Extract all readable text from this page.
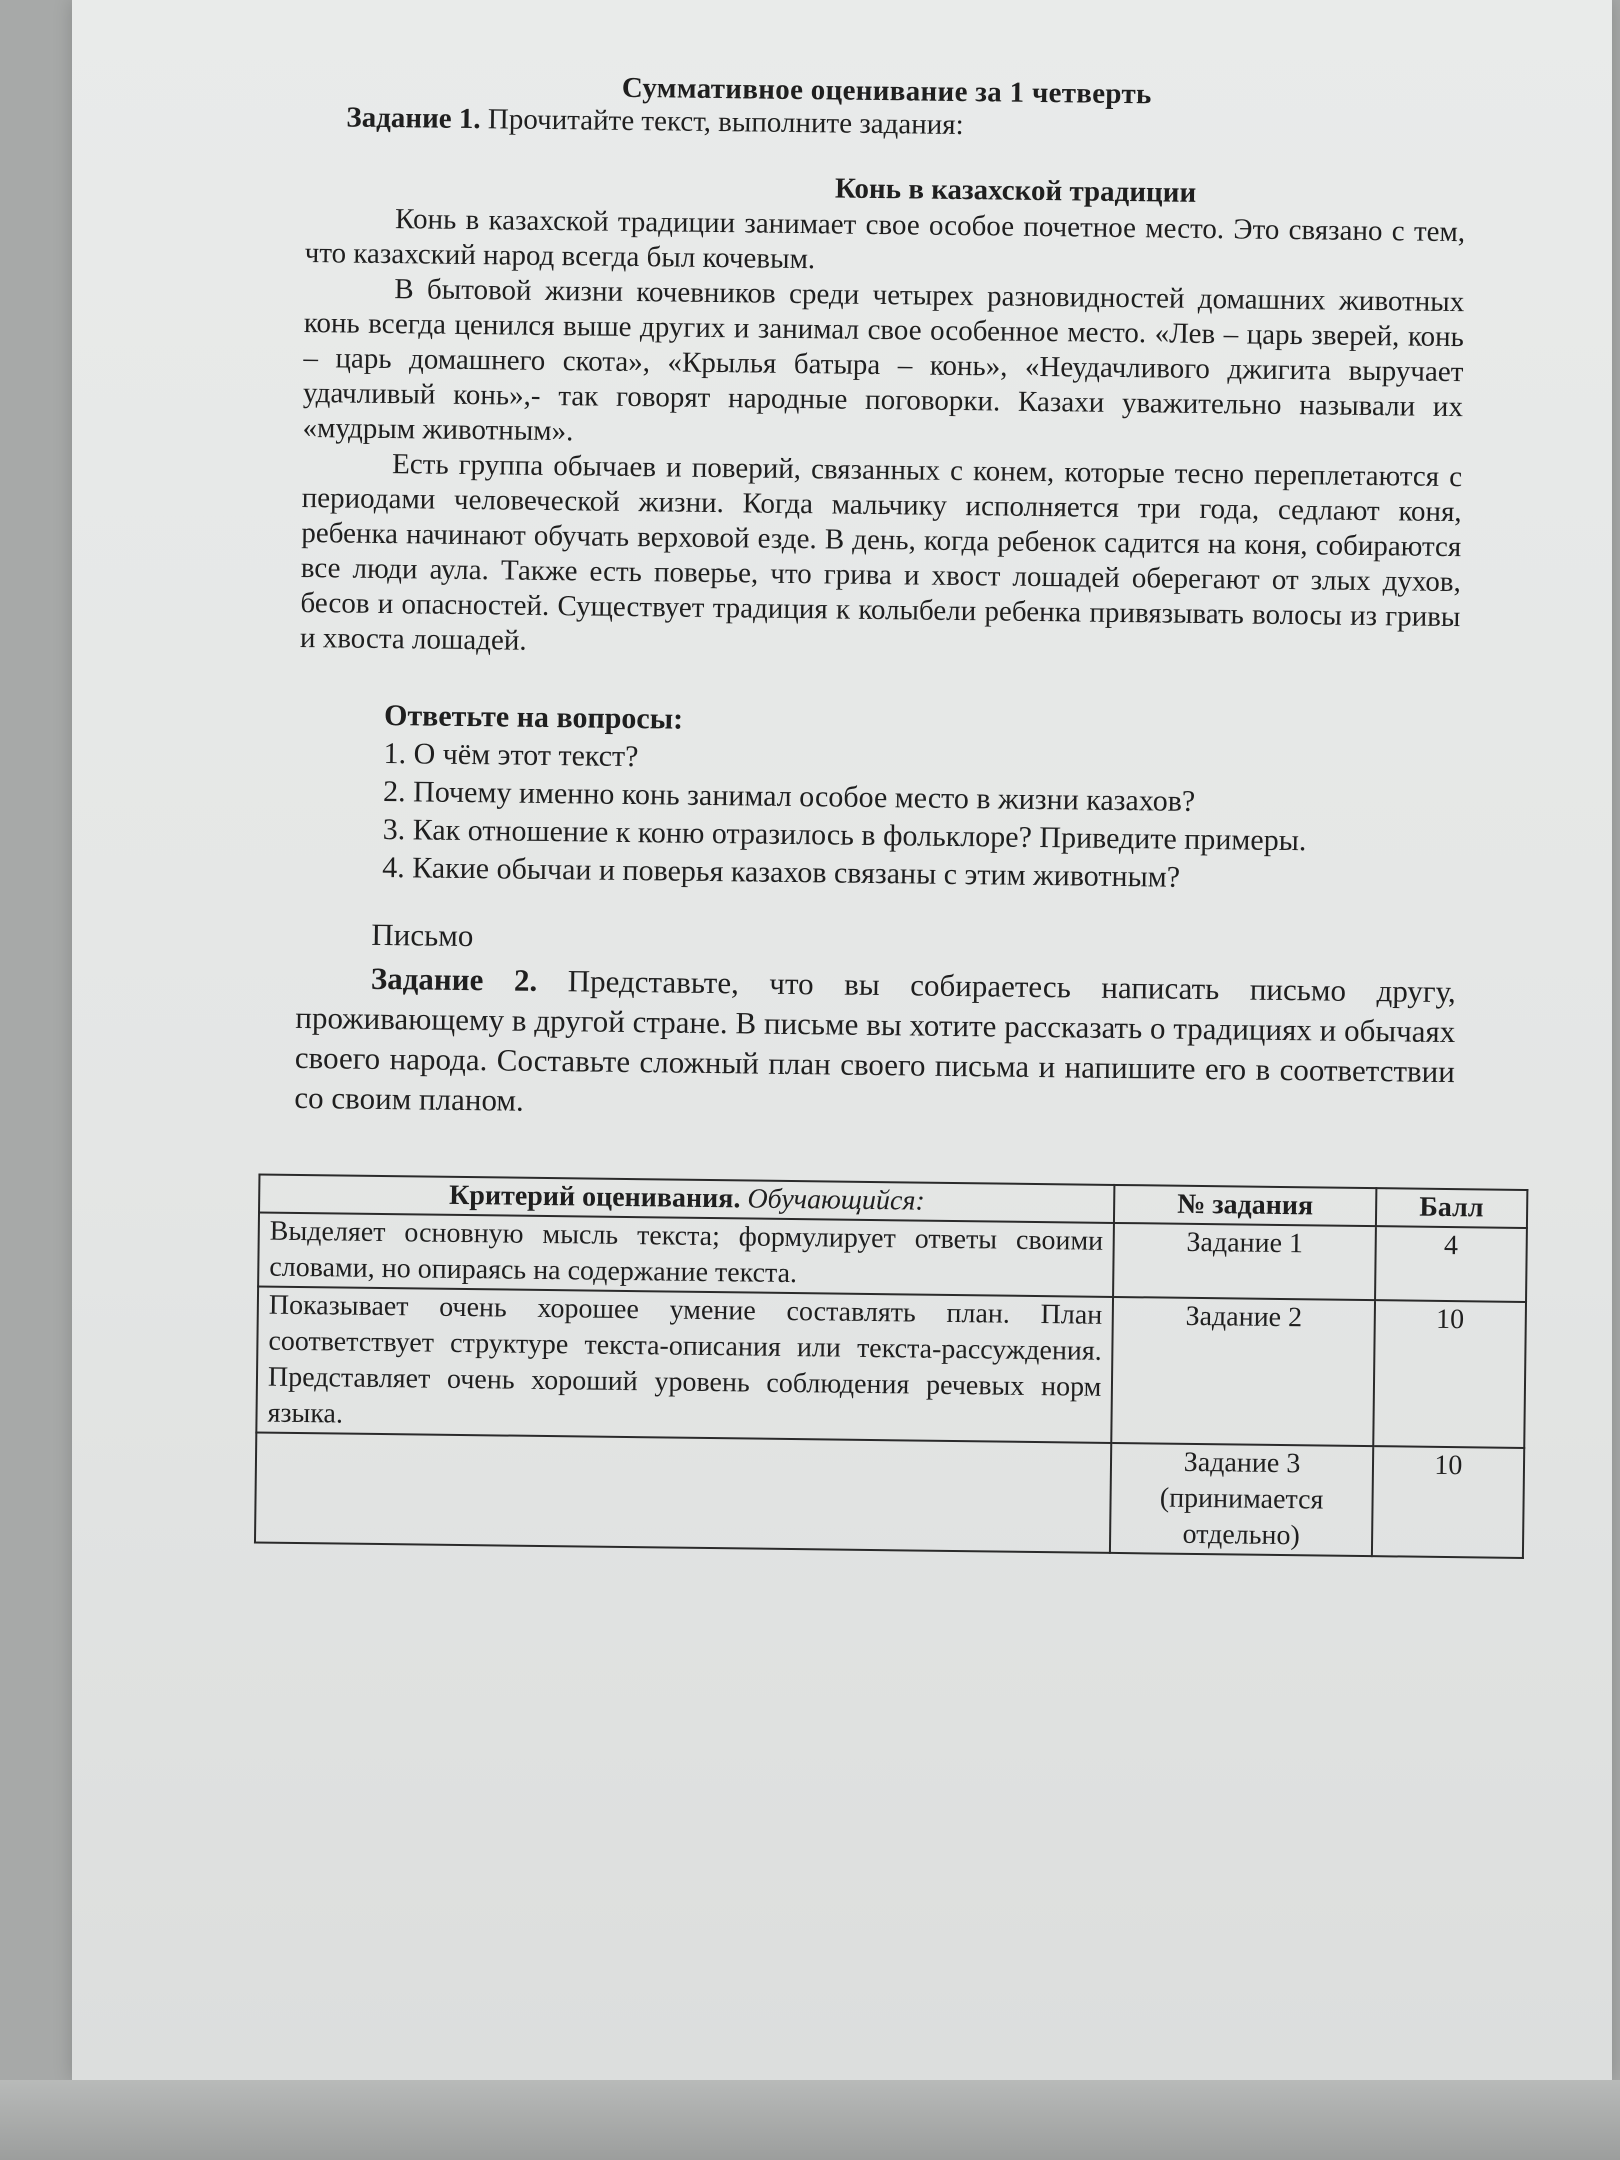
Суммативное оценивание за 1 четверть

Задание 1. Прочитайте текст, выполните задания:

Конь в казахской традиции

Конь в казахской традиции занимает свое особое почетное место. Это связано с тем, что казахский народ всегда был кочевым.

В бытовой жизни кочевников среди четырех разновидностей домашних животных конь всегда ценился выше других и занимал свое особенное место. «Лев – царь зверей, конь – царь домашнего скота», «Крылья батыра – конь», «Неудачливого джигита выручает удачливый конь»,- так говорят народные поговорки. Казахи уважительно называли их «мудрым животным».

Есть группа обычаев и поверий, связанных с конем, которые тесно переплетаются с периодами человеческой жизни. Когда мальчику исполняется три года, седлают коня, ребенка начинают обучать верховой езде. В день, когда ребенок садится на коня, собираются все люди аула. Также есть поверье, что грива и хвост лошадей оберегают от злых духов, бесов и опасностей. Существует традиция к колыбели ребенка привязывать волосы из гривы и хвоста лошадей.

Ответьте на вопросы:
1. О чём этот текст?
2. Почему именно конь занимал особое место в жизни казахов?
3. Как отношение к коню отразилось в фольклоре? Приведите примеры.
4. Какие обычаи и поверья казахов связаны с этим животным?
Письмо

Задание 2. Представьте, что вы собираетесь написать письмо другу, проживающему в другой стране. В письме вы хотите рассказать о традициях и обычаях своего народа. Составьте сложный план своего письма и напишите его в соответствии со своим планом.

Критерий оценивания. Обучающийся:	№ задания	Балл
Выделяет основную мысль текста; формулирует ответы своими словами, но опираясь на содержание текста.	Задание 1	4
Показывает очень хорошее умение составлять план. План соответствует структуре текста-описания или текста-рассуждения. Представляет очень хороший уровень соблюдения речевых норм языка.	Задание 2	10
	Задание 3 (принимается отдельно)	10
